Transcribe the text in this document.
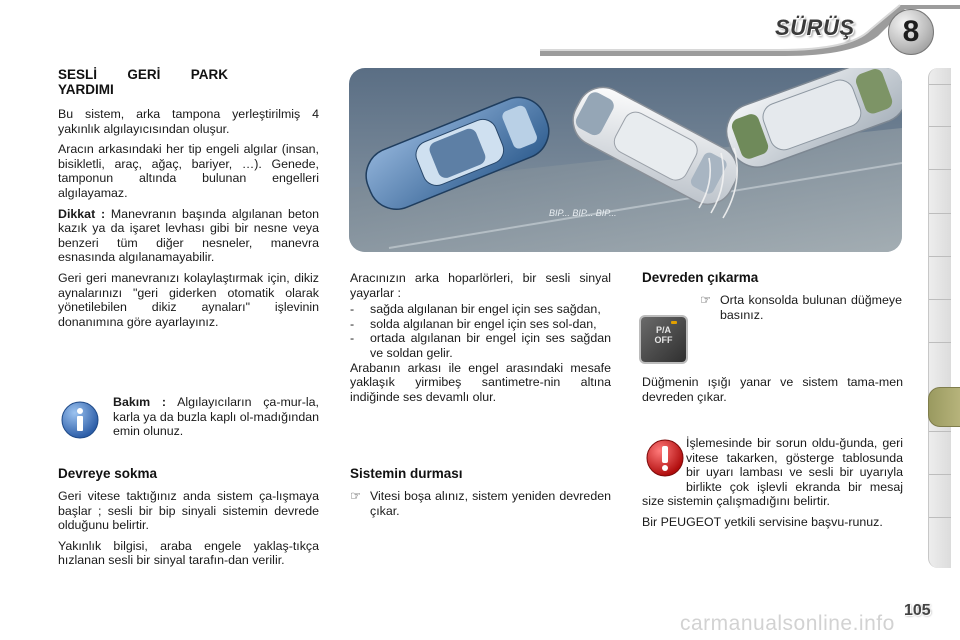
SÜRÜŞ	8
SESLİ GERİ PARK YARDIMI

Bu sistem, arka tampona yerleştirilmiş 4 yakınlık algılayıcısından oluşur.

Aracın arkasındaki her tip engeli algılar (insan, bisikletli, araç, ağaç, bariyer, …). Genede, tamponun altında bulunan engelleri algılayamaz.

Dikkat : Manevranın başında algılanan beton kazık ya da işaret levhası gibi bir nesne veya benzeri tüm diğer nesneler, manevra esnasında algılanamayabilir.

Geri geri manevranızı kolaylaştırmak için, dikiz aynalarınızı "geri giderken otomatik olarak yönetilebilen dikiz aynaları" işlevinin donanımına göre ayarlayınız.

Bakım : Algılayıcıların ça-mur-la, karla ya da buzla kaplı ol-madığından emin olunuz.

Devreye sokma

Geri vitese taktığınız anda sistem ça-lışmaya başlar ; sesli bir bip sinyali sistemin devrede olduğunu belirtir.

Yakınlık bilgisi, araba engele yaklaş-tıkça hızlanan sesli bir sinyal tarafın-dan verilir.

BIP... BIP... BIP...

Aracınızın arka hoparlörleri, bir sesli sinyal yayarlar :

-	sağda algılanan bir engel için ses sağdan,
-	solda algılanan bir engel için ses sol-dan,
-	ortada algılanan bir engel için ses sağdan ve soldan gelir.

Arabanın arkası ile engel arasındaki mesafe yaklaşık yirmibeş santimetre-nin altına indiğinde ses devamlı olur.

Sistemin durması
☞ Vitesi boşa alınız, sistem yeniden devreden çıkar.
Devreden çıkarma
☞ Orta konsolda bulunan düğmeye basınız.
P/A OFF

Düğmenin ışığı yanar ve sistem tama-men devreden çıkar.

İşlemesinde bir sorun oldu-ğunda, geri vitese takarken, gösterge tablosunda bir uyarı lambası ve sesli bir uyarıyla birlikte çok işlevli ekranda bir mesaj size sistemin çalışmadığını belirtir.

Bir PEUGEOT yetkili servisine başvu-runuz.

105
carmanualsonline.info
